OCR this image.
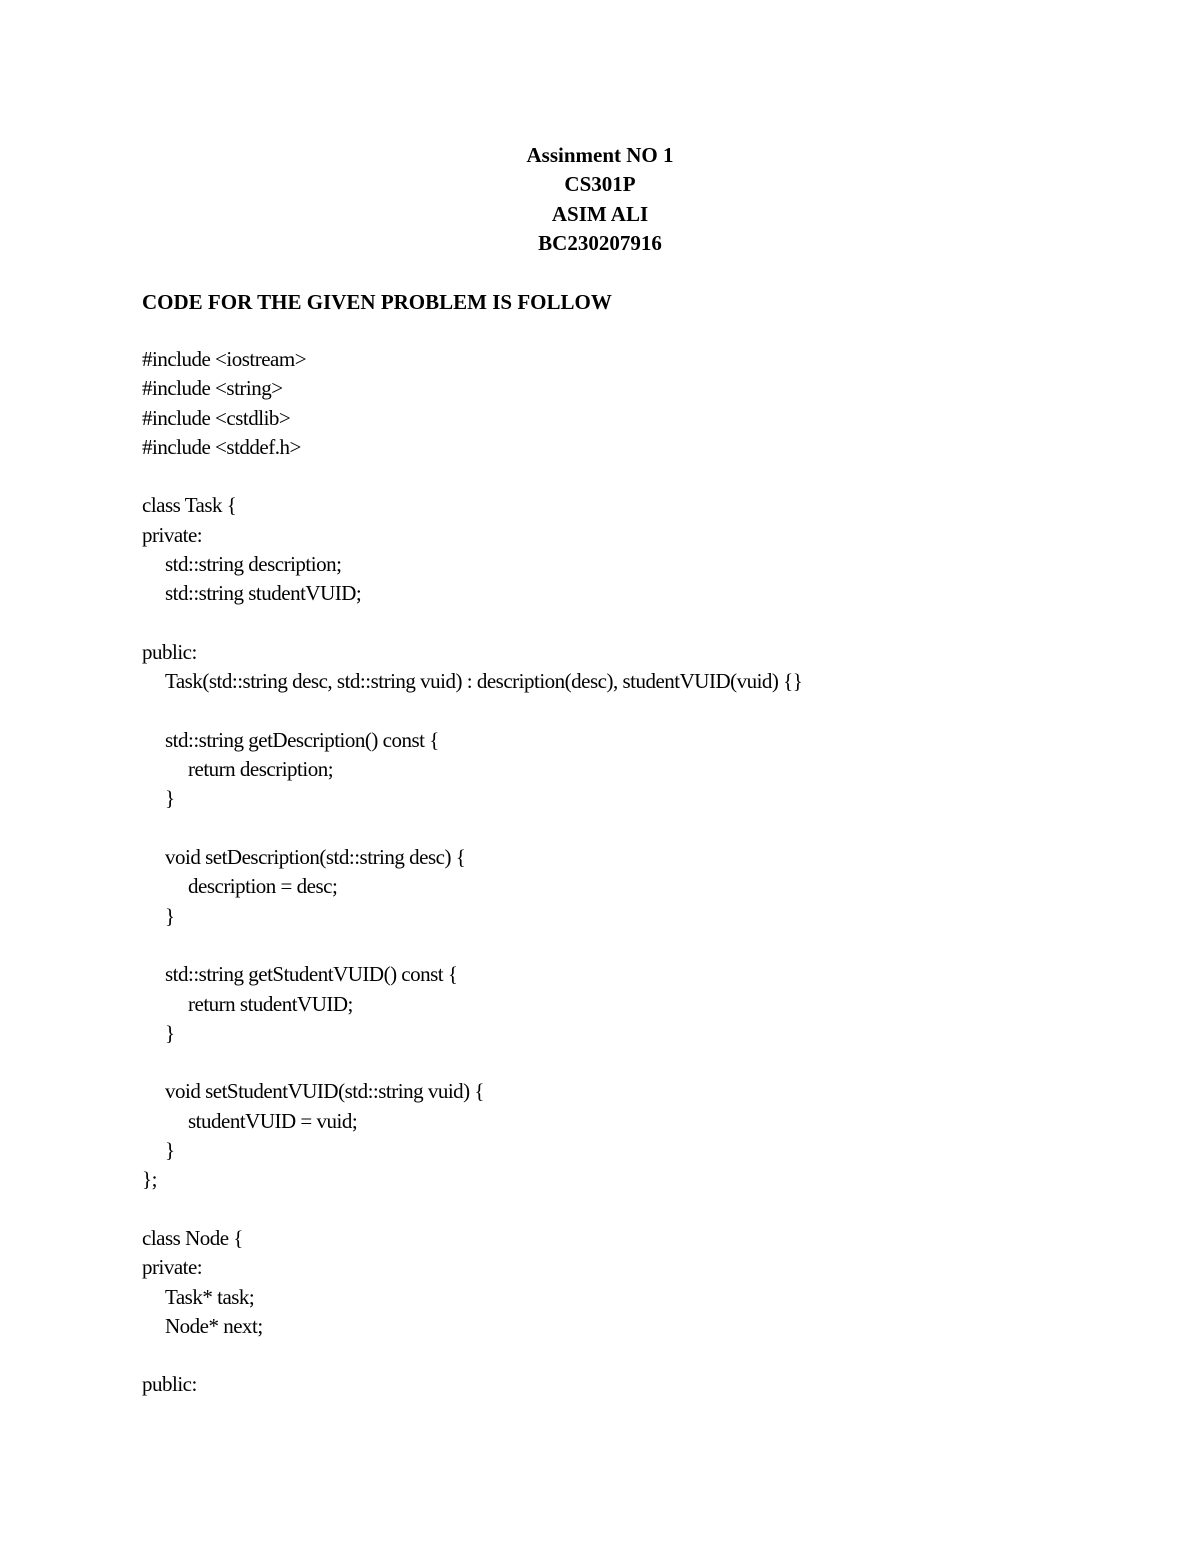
Assinment NO 1
CS301P
ASIM ALI
BC230207916
CODE FOR THE GIVEN PROBLEM IS FOLLOW
#include <iostream>
#include <string>
#include <cstdlib>
#include <stddef.h>
class Task {
private:
std::string description;
std::string studentVUID;
public:
Task(std::string desc, std::string vuid) : description(desc), studentVUID(vuid) {}
std::string getDescription() const {
return description;
}
void setDescription(std::string desc) {
description = desc;
}
std::string getStudentVUID() const {
return studentVUID;
}
void setStudentVUID(std::string vuid) {
studentVUID = vuid;
}
};
class Node {
private:
Task* task;
Node* next;
public:
